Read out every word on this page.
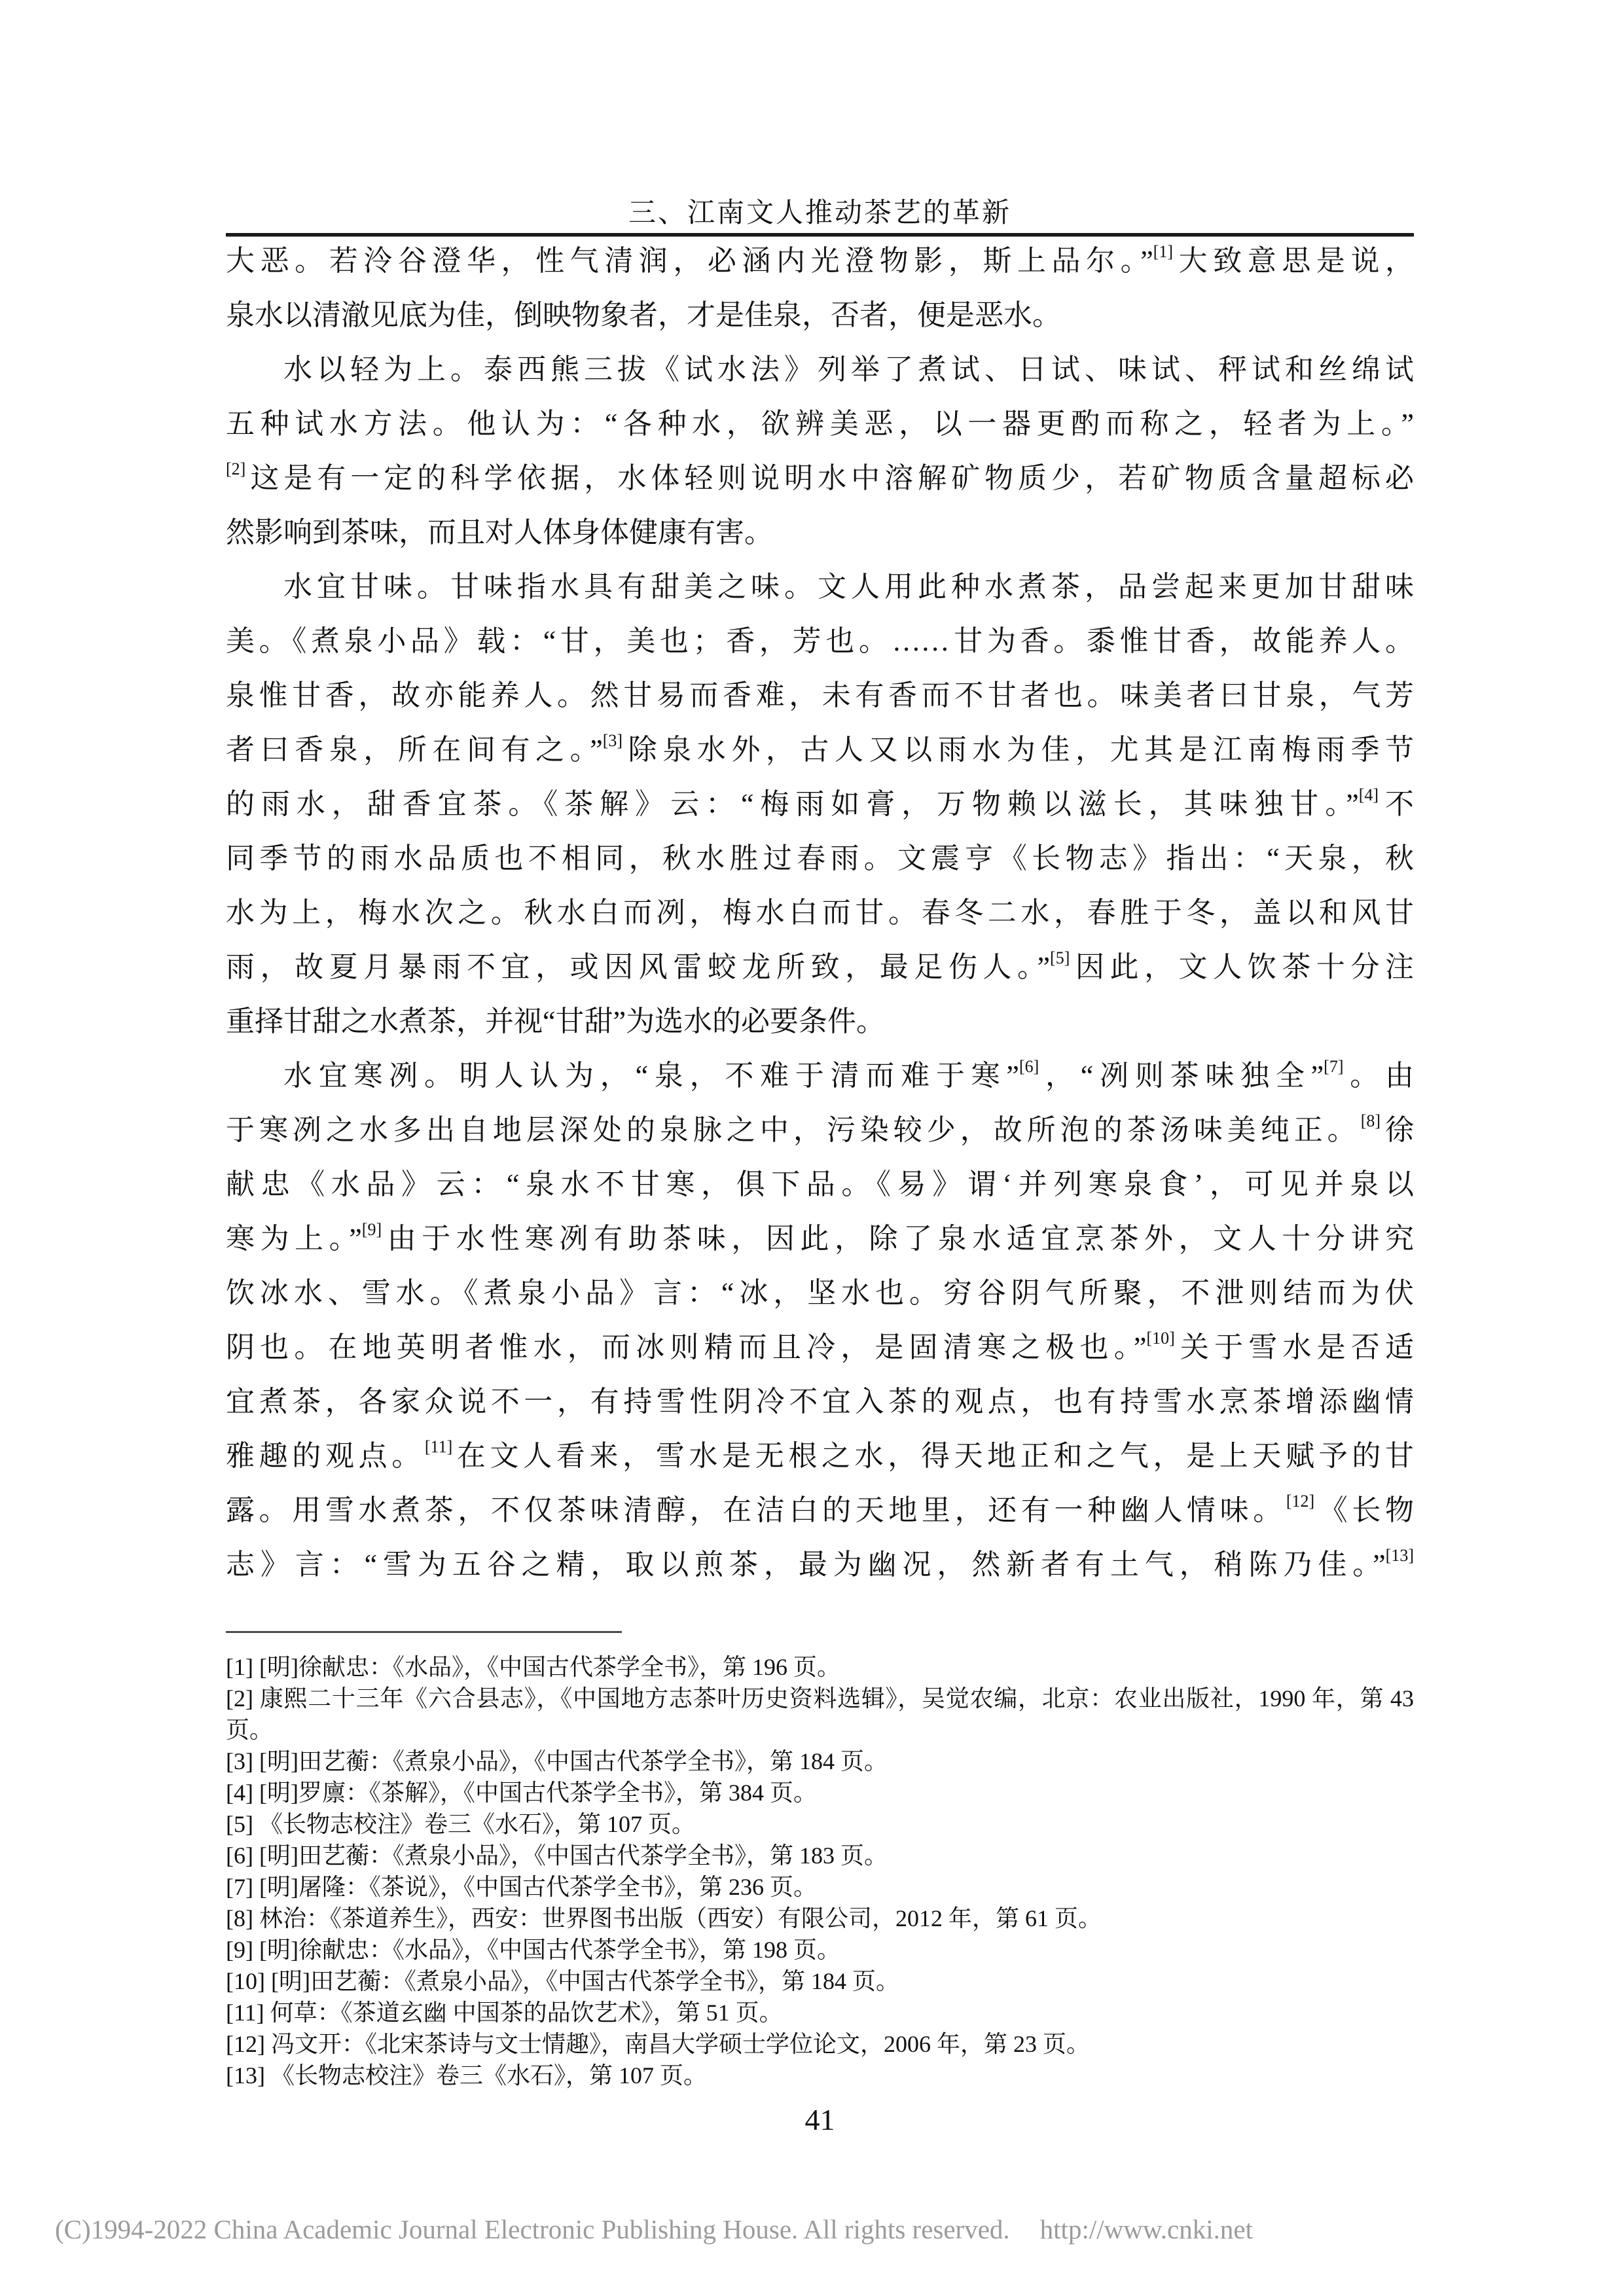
三、江南文人推动茶艺的革新
大恶。若泠谷澄华，性气清润，必涵内光澄物影，斯上品尔。”[1]大致意思是说，
泉水以清澈见底为佳，倒映物象者，才是佳泉，否者，便是恶水。
水以轻为上。泰西熊三拔《试水法》列举了煮试、日试、味试、秤试和丝绵试
五种试水方法。他认为：“各种水，欲辨美恶，以一器更酌而称之，轻者为上。”
[2]这是有一定的科学依据，水体轻则说明水中溶解矿物质少，若矿物质含量超标必
然影响到茶味，而且对人体身体健康有害。
水宜甘味。甘味指水具有甜美之味。文人用此种水煮茶，品尝起来更加甘甜味
美。《煮泉小品》载：“甘，美也；香，芳也。……甘为香。黍惟甘香，故能养人。
泉惟甘香，故亦能养人。然甘易而香难，未有香而不甘者也。味美者曰甘泉，气芳
者曰香泉，所在间有之。”[3]除泉水外，古人又以雨水为佳，尤其是江南梅雨季节
的雨水，甜香宜茶。《茶解》云：“梅雨如膏，万物赖以滋长，其味独甘。”[4]不
同季节的雨水品质也不相同，秋水胜过春雨。文震亨《长物志》指出：“天泉，秋
水为上，梅水次之。秋水白而冽，梅水白而甘。春冬二水，春胜于冬，盖以和风甘
雨，故夏月暴雨不宜，或因风雷蛟龙所致，最足伤人。”[5]因此，文人饮茶十分注
重择甘甜之水煮茶，并视“甘甜”为选水的必要条件。
水宜寒冽。明人认为，“泉，不难于清而难于寒”[6]，“冽则茶味独全”[7]。由
于寒冽之水多出自地层深处的泉脉之中，污染较少，故所泡的茶汤味美纯正。[8]徐
献忠《水品》云：“泉水不甘寒，俱下品。《易》谓‘并列寒泉食’，可见并泉以
寒为上。”[9]由于水性寒冽有助茶味，因此，除了泉水适宜烹茶外，文人十分讲究
饮冰水、雪水。《煮泉小品》言：“冰，坚水也。穷谷阴气所聚，不泄则结而为伏
阴也。在地英明者惟水，而冰则精而且冷，是固清寒之极也。”[10]关于雪水是否适
宜煮茶，各家众说不一，有持雪性阴冷不宜入茶的观点，也有持雪水烹茶增添幽情
雅趣的观点。[11]在文人看来，雪水是无根之水，得天地正和之气，是上天赋予的甘
露。用雪水煮茶，不仅茶味清醇，在洁白的天地里，还有一种幽人情味。[12]《长物
志》言：“雪为五谷之精，取以煎茶，最为幽况，然新者有土气，稍陈乃佳。”[13]
[1] [明]徐献忠：《水品》，《中国古代茶学全书》，第 196 页。
[2] 康熙二十三年《六合县志》，《中国地方志茶叶历史资料选辑》，吴觉农编，北京：农业出版社，1990 年，第 43 页。
[3] [明]田艺蘅：《煮泉小品》，《中国古代茶学全书》，第 184 页。
[4] [明]罗廪：《茶解》，《中国古代茶学全书》，第 384 页。
[5] 《长物志校注》卷三《水石》，第 107 页。
[6] [明]田艺蘅：《煮泉小品》，《中国古代茶学全书》，第 183 页。
[7] [明]屠隆：《茶说》，《中国古代茶学全书》，第 236 页。
[8] 林治：《茶道养生》，西安：世界图书出版（西安）有限公司，2012 年，第 61 页。
[9] [明]徐献忠：《水品》，《中国古代茶学全书》，第 198 页。
[10] [明]田艺蘅：《煮泉小品》，《中国古代茶学全书》，第 184 页。
[11] 何草：《茶道玄幽 中国茶的品饮艺术》，第 51 页。
[12] 冯文开：《北宋茶诗与文士情趣》，南昌大学硕士学位论文，2006 年，第 23 页。
[13] 《长物志校注》卷三《水石》，第 107 页。
41
(C)1994-2022 China Academic Journal Electronic Publishing House. All rights reserved. http://www.cnki.net
